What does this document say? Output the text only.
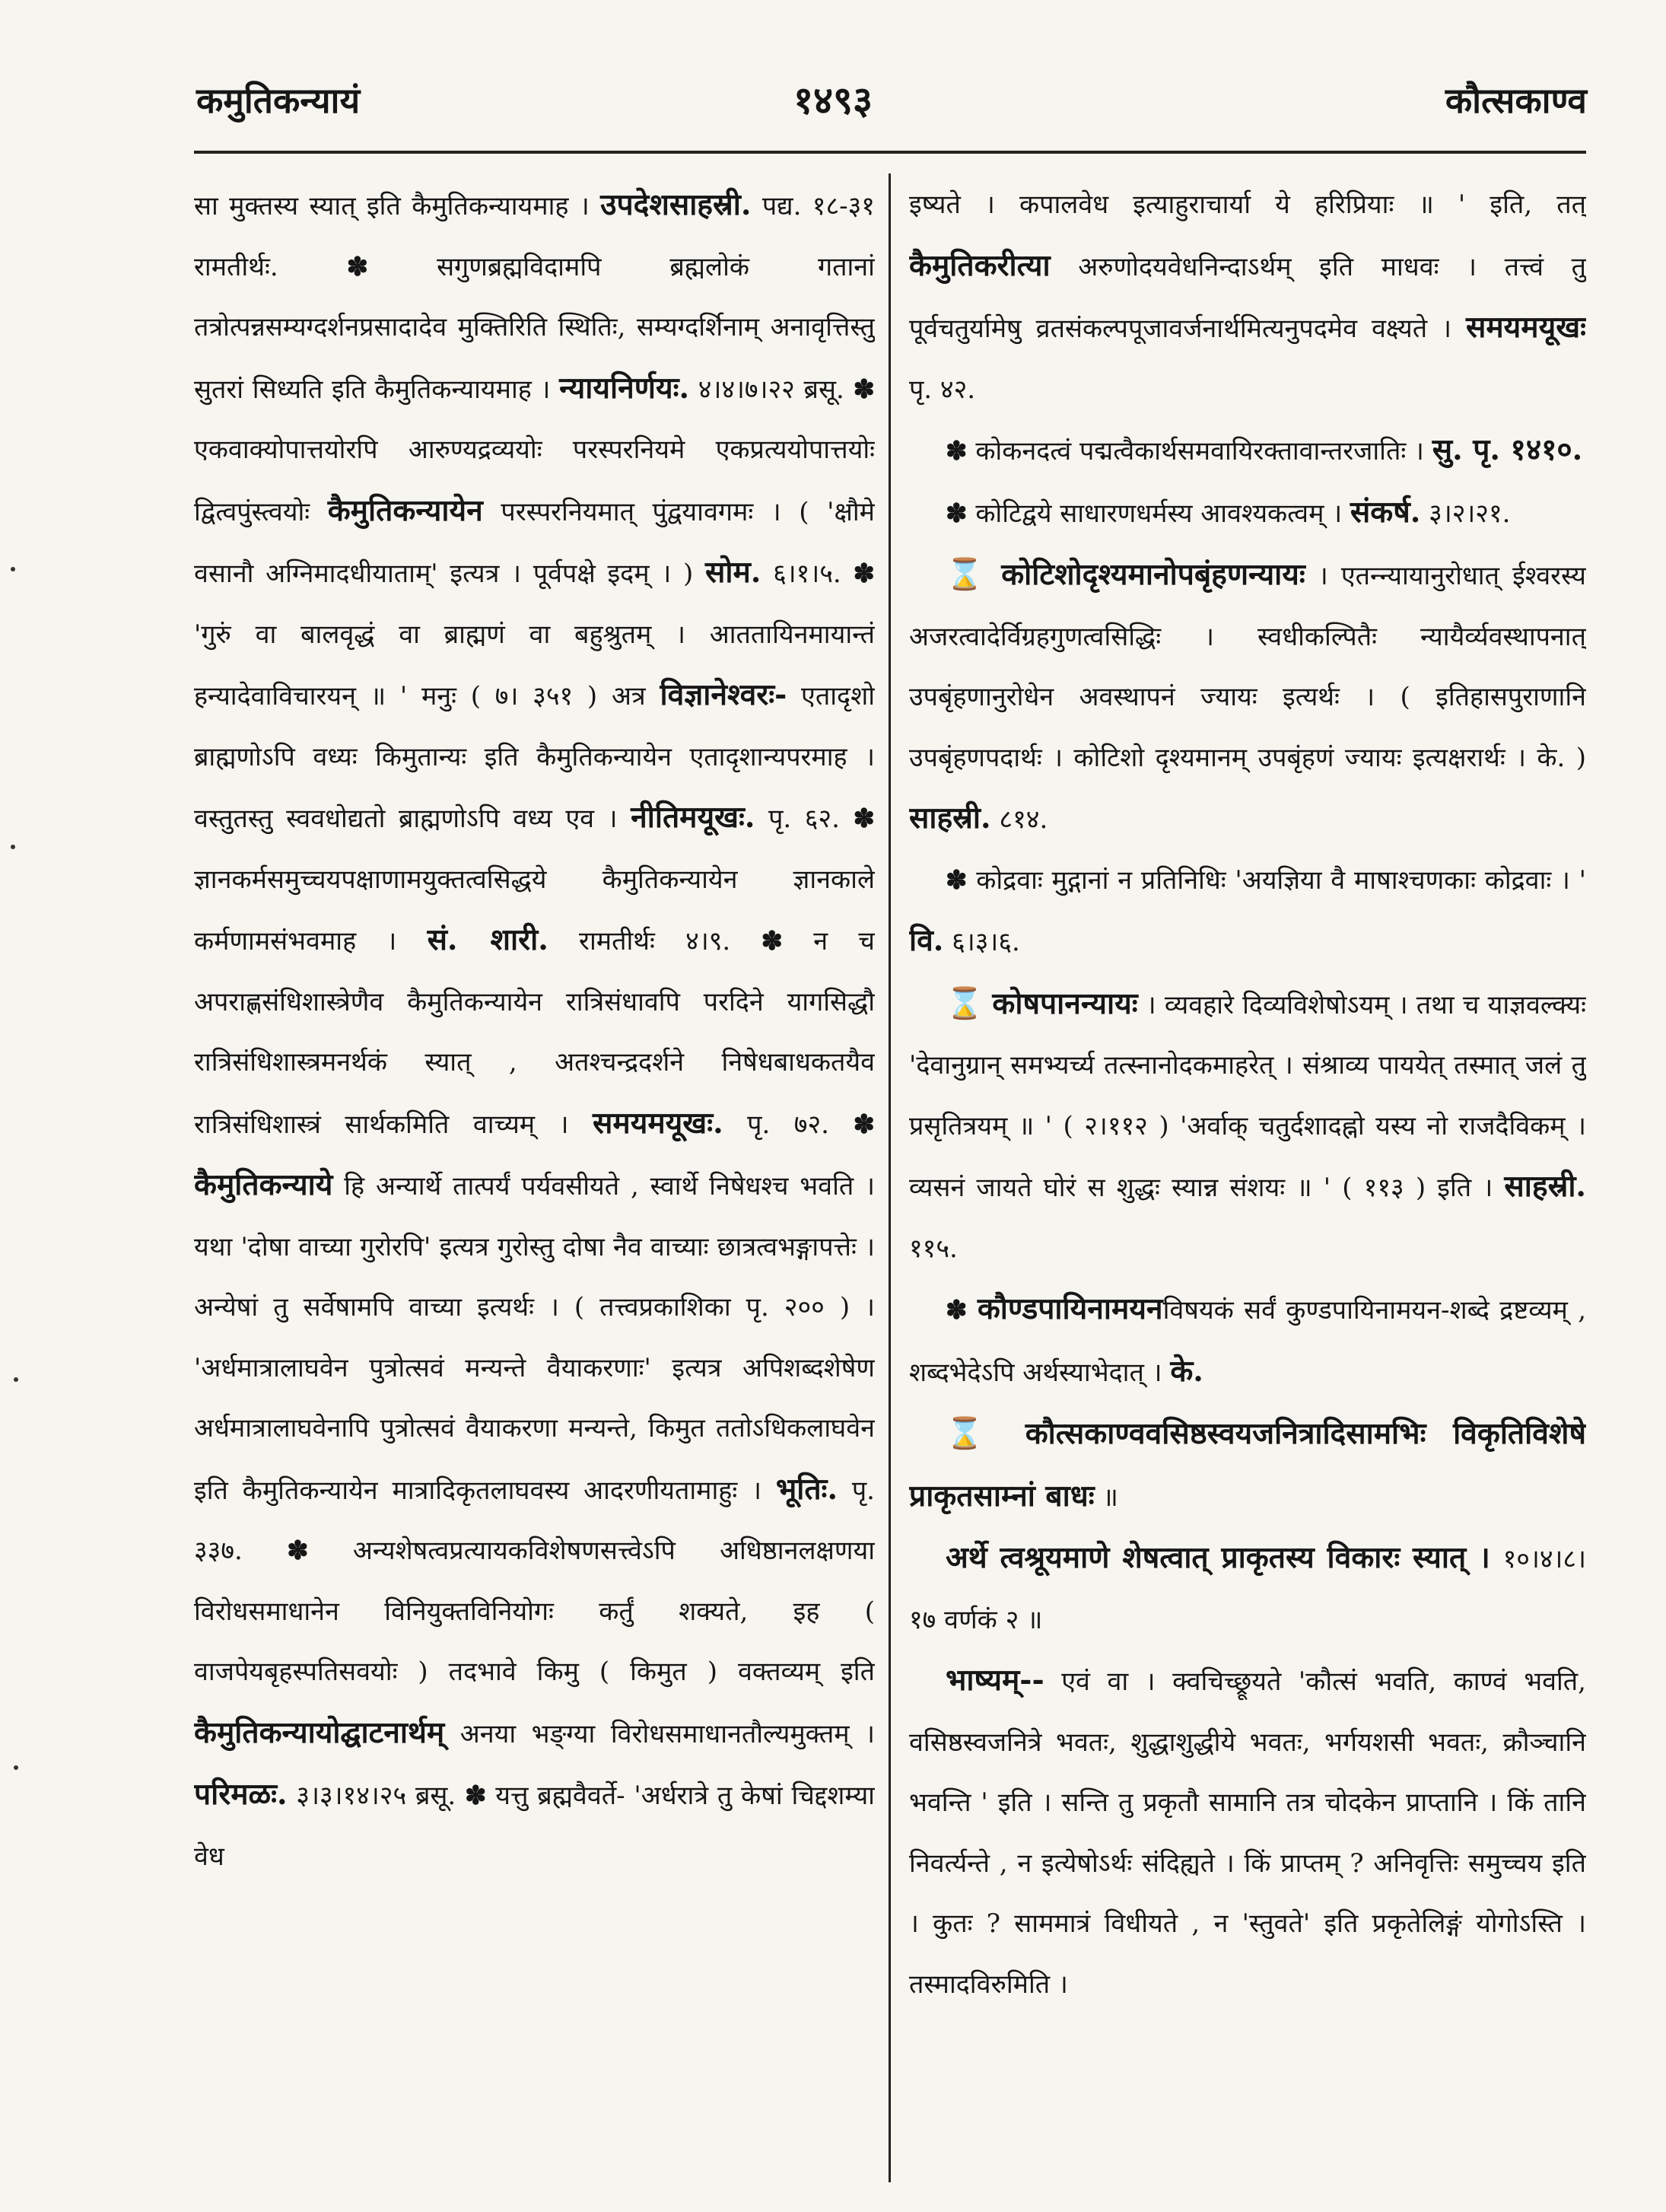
कमुतिकन्यायं	१४९३	कौत्सकाण्व

सा मुक्तस्य स्यात् इति कैमुतिकन्यायमाह । उपदेशसाहस्री. पद्य. १८-३१ रामतीर्थः. ✽	सगुणब्रह्मविदामपि ब्रह्मलोकं गतानां तत्रोत्पन्नसम्यग्दर्शनप्रसादादेव मुक्तिरिति स्थितिः, सम्यग्दर्शिनाम् अनावृत्तिस्तु सुतरां सिध्यति इति कैमुतिकन्यायमाह । न्यायनिर्णयः. ४।४।७।२२ ब्रसू. ✽ एकवाक्योपात्तयोरपि आरुण्यद्रव्ययोः परस्परनियमे एकप्रत्ययोपात्तयोः द्वित्वपुंस्त्वयोः कैमुतिकन्यायेन परस्परनियमात् पुंद्वयावगमः । ( 'क्षौमे वसानौ अग्निमादधीयाताम्' इत्यत्र । पूर्वपक्षे इदम् । ) सोम. ६।१।५. ✽ 'गुरुं वा बालवृद्धं वा ब्राह्मणं वा बहुश्रुतम् । आततायिनमायान्तं हन्यादेवाविचारयन् ॥ ' मनुः ( ७। ३५१ ) अत्र विज्ञानेश्वरः- एतादृशो ब्राह्मणोऽपि वध्यः किमुतान्यः इति कैमुतिकन्यायेन एतादृशान्यपरमाह । वस्तुतस्तु स्ववधोद्यतो ब्राह्मणोऽपि वध्य एव । नीतिमयूखः. पृ. ६२. ✽ ज्ञानकर्मसमुच्चयपक्षाणामयुक्तत्वसिद्धये कैमुतिकन्यायेन ज्ञानकाले कर्मणामसंभवमाह । सं. शारी. रामतीर्थः ४।९. ✽ न च अपराह्णसंधिशास्त्रेणैव कैमुतिकन्यायेन रात्रिसंधावपि परदिने यागसिद्धौ रात्रिसंधिशास्त्रमनर्थकं स्यात् , अतश्चन्द्रदर्शने निषेधबाधकतयैव रात्रिसंधिशास्त्रं सार्थकमिति वाच्यम् । समयमयूखः. पृ. ७२. ✽ कैमुतिकन्याये हि अन्यार्थे तात्पर्यं पर्यवसीयते , स्वार्थे निषेधश्च भवति । यथा 'दोषा वाच्या गुरोरपि' इत्यत्र गुरोस्तु दोषा नैव वाच्याः छात्रत्वभङ्गापत्तेः । अन्येषां तु सर्वेषामपि वाच्या इत्यर्थः । ( तत्त्वप्रकाशिका पृ. २०० ) । 'अर्धमात्रालाघवेन पुत्रोत्सवं मन्यन्ते वैयाकरणाः' इत्यत्र अपिशब्दशेषेण अर्धमात्रालाघवेनापि पुत्रोत्सवं वैयाकरणा मन्यन्ते, किमुत ततोऽधिकलाघवेन इति कैमुतिकन्यायेन मात्रादिकृतलाघवस्य आदरणीयतामाहुः । भूतिः. पृ. ३३७. ✽ अन्यशेषत्वप्रत्यायकविशेषणसत्त्वेऽपि अधिष्ठानलक्षणया विरोधसमाधानेन विनियुक्तविनियोगः कर्तुं शक्यते, इह ( वाजपेयबृहस्पतिसवयोः ) तदभावे किमु ( किमुत ) वक्तव्यम् इति कैमुतिकन्यायोद्घाटनार्थम् अनया भङ्ग्या विरोधसमाधानतौल्यमुक्तम् । परिमळः. ३।३।१४।२५ ब्रसू. ✽ यत्तु ब्रह्मवैवर्ते- 'अर्धरात्रे तु केषां चिद्दशम्या वेध

इष्यते । कपालवेध इत्याहुराचार्या ये हरिप्रियाः ॥ ' इति, तत् कैमुतिकरीत्या अरुणोदयवेधनिन्दाऽर्थम् इति माधवः । तत्त्वं तु पूर्वचतुर्यामेषु व्रतसंकल्पपूजावर्जनार्थमित्यनुपदमेव वक्ष्यते । समयमयूखः पृ. ४२.

✽ कोकनदत्वं पद्मत्वैकार्थसमवायिरक्तावान्तरजातिः । सु. पृ. १४१०.

✽ कोटिद्वये साधारणधर्मस्य आवश्यकत्वम् । संकर्ष. ३।२।२१.

⌛ कोटिशोदृश्यमानोपबृंहणन्यायः । एतन्न्यायानुरोधात् ईश्वरस्य अजरत्वादेर्विग्रहगुणत्वसिद्धिः । स्वधीकल्पितैः न्यायैर्व्यवस्थापनात् उपबृंहणानुरोधेन अवस्थापनं ज्यायः इत्यर्थः । ( इतिहासपुराणानि उपबृंहणपदार्थः । कोटिशो दृश्यमानम् उपबृंहणं ज्यायः इत्यक्षरार्थः । के. ) साहस्री. ८१४.

✽ कोद्रवाः मुद्गानां न प्रतिनिधिः 'अयज्ञिया वै माषाश्चणकाः कोद्रवाः । ' वि. ६।३।६.

⌛ कोषपानन्यायः । व्यवहारे दिव्यविशेषोऽयम् । तथा च याज्ञवल्क्यः 'देवानुग्रान् समभ्यर्च्य तत्स्नानोदकमाहरेत् । संश्राव्य पाययेत् तस्मात् जलं तु प्रसृतित्रयम् ॥ ' ( २।११२ ) 'अर्वाक् चतुर्दशादह्नो यस्य नो राजदैविकम् । व्यसनं जायते घोरं स शुद्धः स्यान्न संशयः ॥ ' ( ११३ ) इति । साहस्री. ११५.

✽ कौण्डपायिनामयनविषयकं सर्वं कुण्डपायिनामयन-शब्दे द्रष्टव्यम् , शब्दभेदेऽपि अर्थस्याभेदात् । के.

⌛ कौत्सकाण्ववसिष्ठस्वयजनित्रादिसामभिः विकृतिविशेषे प्राकृतसाम्नां बाधः ॥

अर्थे त्वश्रूयमाणे शेषत्वात् प्राकृतस्य विकारः स्यात् । १०।४।८।१७ वर्णकं २ ॥

भाष्यम्-- एवं वा । क्वचिच्छ्रूयते 'कौत्सं भवति, काण्वं भवति, वसिष्ठस्वजनित्रे भवतः, शुद्धाशुद्धीये भवतः, भर्गयशसी भवतः, क्रौञ्चानि भवन्ति ' इति । सन्ति तु प्रकृतौ सामानि तत्र चोदकेन प्राप्तानि । किं तानि निवर्त्यन्ते , न इत्येषोऽर्थः संदिह्यते । किं प्राप्तम् ? अनिवृत्तिः समुच्चय इति । कुतः ? साममात्रं विधीयते , न 'स्तुवते' इति प्रकृतेलिङ्गं योगोऽस्ति । तस्मादविरुमिति ।
